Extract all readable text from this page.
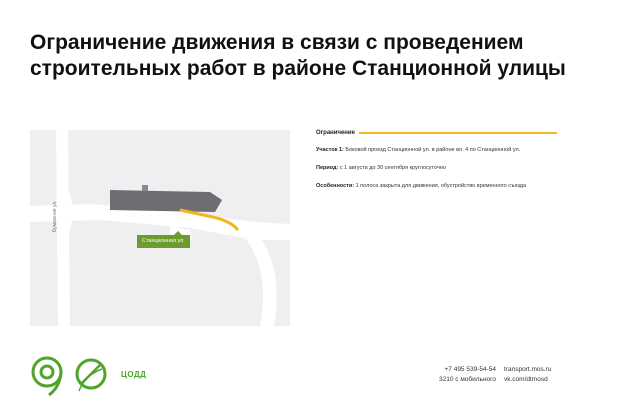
Ограничение движения в связи с проведением строительных работ в районе Станционной улицы
Бумажная ул.
Станционная ул.
Ограничение
Участок 1: Боковой проезд Станционной ул. в районе вл. 4 по Станционной ул.
Период: с 1 августа до 30 сентября круглосуточно
Особенности: 1 полоса закрыта для движения, обустройство временного съезда
ЦОДД
+7 495 539-54-54
3210 с мобильного
transport.mos.ru
vk.com/dtmosd
